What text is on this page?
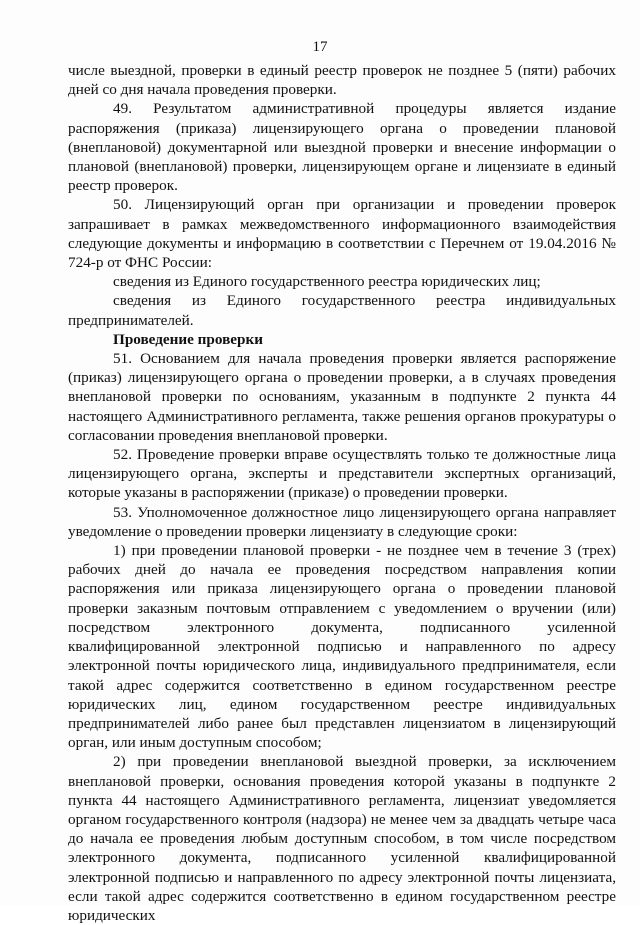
17

числе выездной, проверки в единый реестр проверок не позднее 5 (пяти) рабочих дней со дня начала проведения проверки.

49. Результатом административной процедуры является издание распоряжения (приказа) лицензирующего органа о проведении плановой (внеплановой) документарной или выездной проверки и внесение информации о плановой (внеплановой) проверки, лицензирующем органе и лицензиате в единый реестр проверок.

50. Лицензирующий орган при организации и проведении проверок запрашивает в рамках межведомственного информационного взаимодействия следующие документы и информацию в соответствии с Перечнем от 19.04.2016 № 724-р от ФНС России:

сведения из Единого государственного реестра юридических лиц;

сведения из Единого государственного реестра индивидуальных предпринимателей.

Проведение проверки

51. Основанием для начала проведения проверки является распоряжение (приказ) лицензирующего органа о проведении проверки, а в случаях проведения внеплановой проверки по основаниям, указанным в подпункте 2 пункта 44 настоящего Административного регламента, также решения органов прокуратуры о согласовании проведения внеплановой проверки.

52. Проведение проверки вправе осуществлять только те должностные лица лицензирующего органа, эксперты и представители экспертных организаций, которые указаны в распоряжении (приказе) о проведении проверки.

53. Уполномоченное должностное лицо лицензирующего органа направляет уведомление о проведении проверки лицензиату в следующие сроки:

1) при проведении плановой проверки - не позднее чем в течение 3 (трех) рабочих дней до начала ее проведения посредством направления копии распоряжения или приказа лицензирующего органа о проведении плановой проверки заказным почтовым отправлением с уведомлением о вручении (или) посредством электронного документа, подписанного усиленной квалифицированной электронной подписью и направленного по адресу электронной почты юридического лица, индивидуального предпринимателя, если такой адрес содержится соответственно в едином государственном реестре юридических лиц, едином государственном реестре индивидуальных предпринимателей либо ранее был представлен лицензиатом в лицензирующий орган, или иным доступным способом;

2) при проведении внеплановой выездной проверки, за исключением внеплановой проверки, основания проведения которой указаны в подпункте 2 пункта 44 настоящего Административного регламента, лицензиат уведомляется органом государственного контроля (надзора) не менее чем за двадцать четыре часа до начала ее проведения любым доступным способом, в том числе посредством электронного документа, подписанного усиленной квалифицированной электронной подписью и направленного по адресу электронной почты лицензиата, если такой адрес содержится соответственно в едином государственном реестре юридических
